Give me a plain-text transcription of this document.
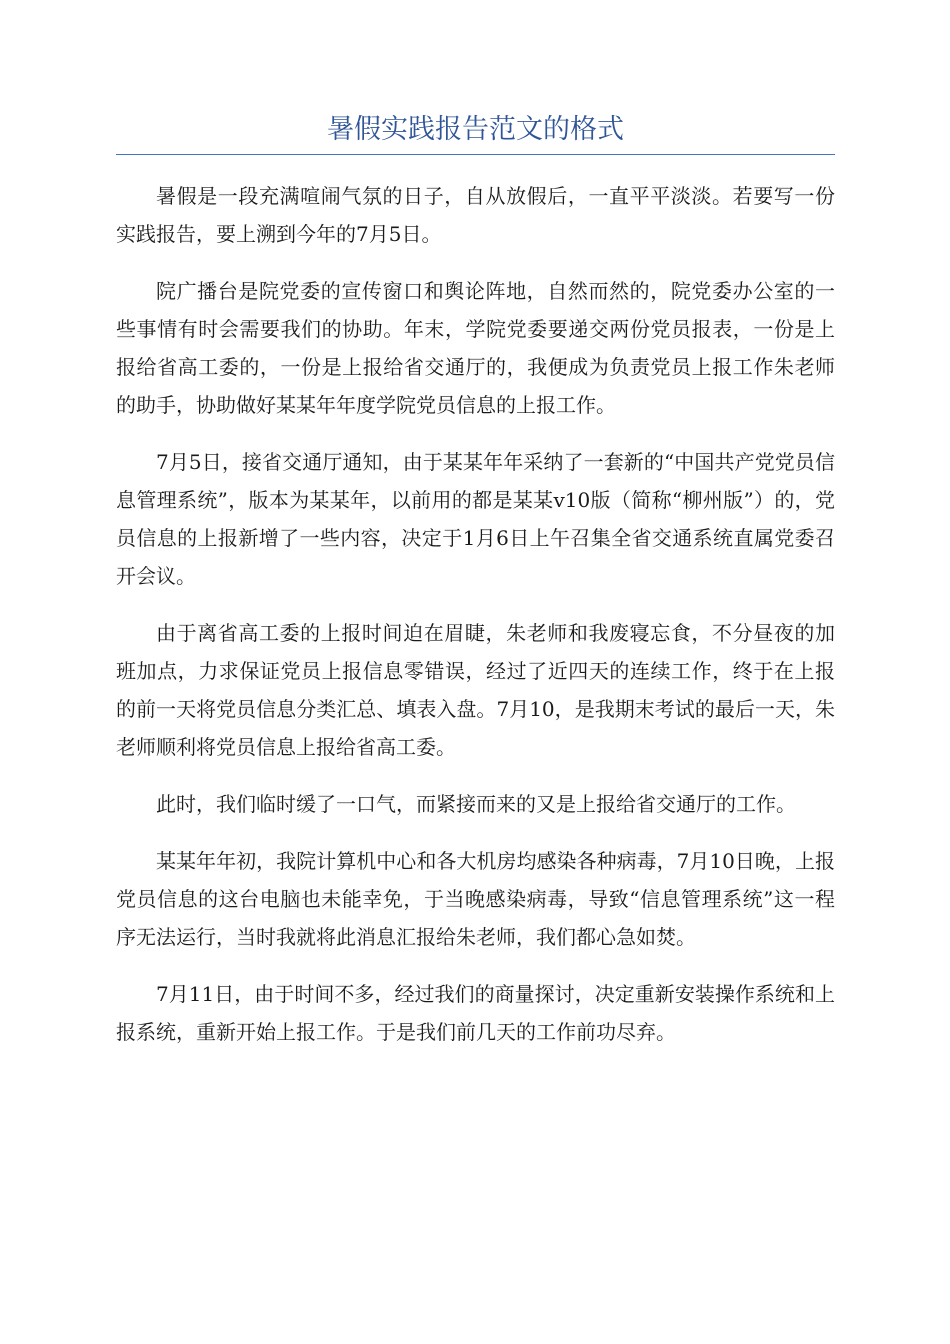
暑假实践报告范文的格式

暑假是一段充满喧闹气氛的日子，自从放假后，一直平平淡淡。若要写一份实践报告，要上溯到今年的7月5日。

院广播台是院党委的宣传窗口和舆论阵地，自然而然的，院党委办公室的一些事情有时会需要我们的协助。年末，学院党委要递交两份党员报表，一份是上报给省高工委的，一份是上报给省交通厅的，我便成为负责党员上报工作朱老师的助手，协助做好某某年年度学院党员信息的上报工作。

7月5日，接省交通厅通知，由于某某年年采纳了一套新的“中国共产党党员信息管理系统”，版本为某某年，以前用的都是某某v10版（简称“柳州版”）的，党员信息的上报新增了一些内容，决定于1月6日上午召集全省交通系统直属党委召开会议。

由于离省高工委的上报时间迫在眉睫，朱老师和我废寝忘食，不分昼夜的加班加点，力求保证党员上报信息零错误，经过了近四天的连续工作，终于在上报的前一天将党员信息分类汇总、填表入盘。7月10，是我期末考试的最后一天，朱老师顺利将党员信息上报给省高工委。

此时，我们临时缓了一口气，而紧接而来的又是上报给省交通厅的工作。

某某年年初，我院计算机中心和各大机房均感染各种病毒，7月10日晚，上报党员信息的这台电脑也未能幸免，于当晚感染病毒，导致“信息管理系统”这一程序无法运行，当时我就将此消息汇报给朱老师，我们都心急如焚。

7月11日，由于时间不多，经过我们的商量探讨，决定重新安装操作系统和上报系统，重新开始上报工作。于是我们前几天的工作前功尽弃。
